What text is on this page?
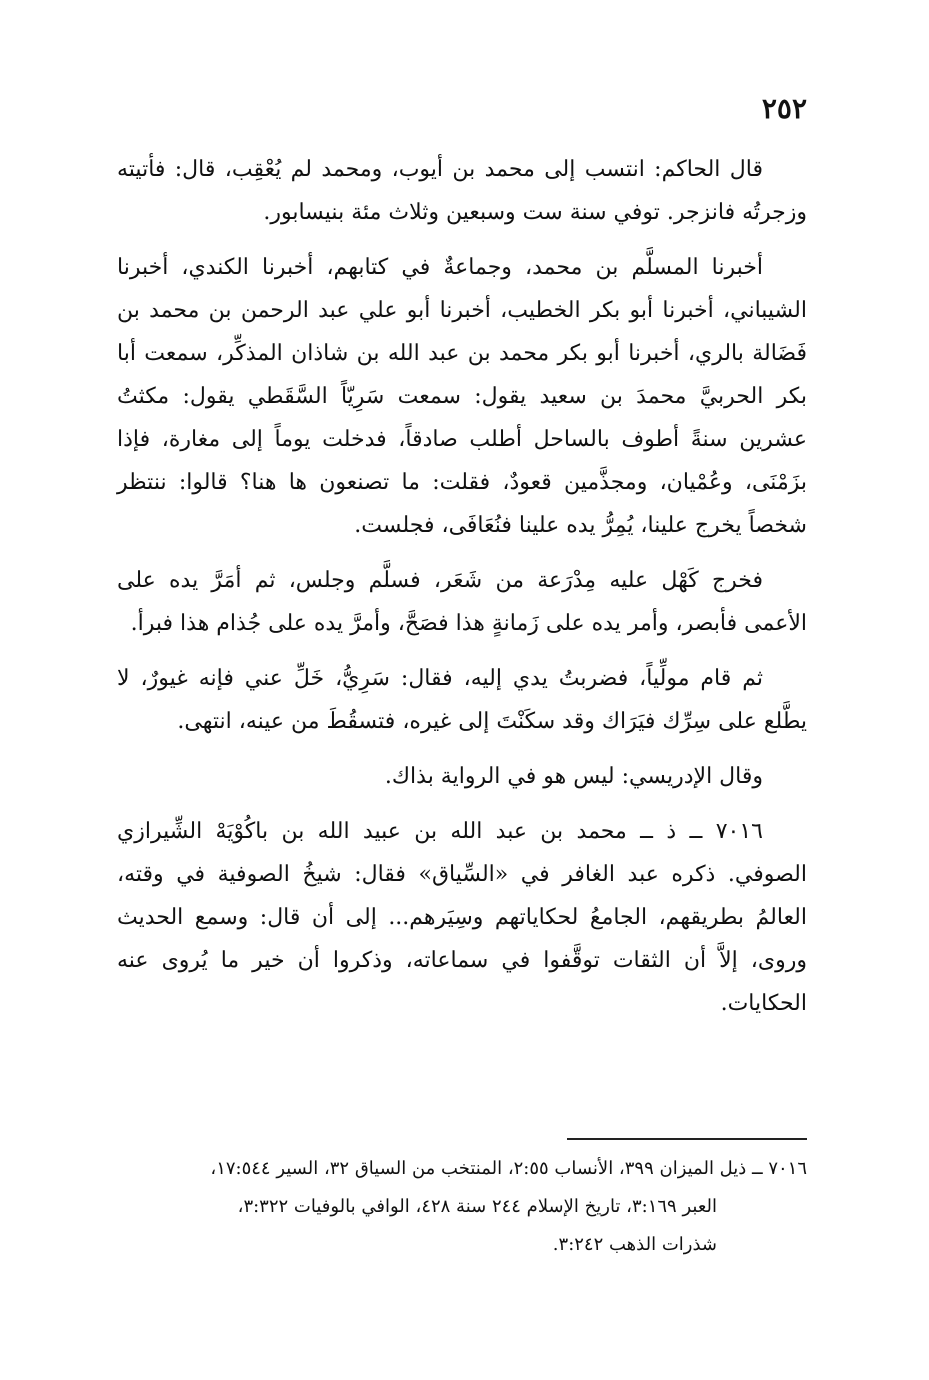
٢٥٢

قال الحاكم: انتسب إلى محمد بن أيوب، ومحمد لم يُعْقِب، قال: فأتيته وزجرتُه فانزجر. توفي سنة ست وسبعين وثلاث مئة بنيسابور.

أخبرنا المسلَّم بن محمد، وجماعةٌ في كتابهم، أخبرنا الكندي، أخبرنا الشيباني، أخبرنا أبو بكر الخطيب، أخبرنا أبو علي عبد الرحمن بن محمد بن فَضَالة بالري، أخبرنا أبو بكر محمد بن عبد الله بن شاذان المذكِّر، سمعت أبا بكر الحربيَّ محمدَ بن سعيد يقول: سمعت سَرِيّاً السَّقَطي يقول: مكثتُ عشرين سنةً أطوف بالساحل أطلب صادقاً، فدخلت يوماً إلى مغارة، فإذا بزَمْنَى، وعُمْيان، ومجذَّمين قعودٌ، فقلت: ما تصنعون ها هنا؟ قالوا: ننتظر شخصاً يخرج علينا، يُمِرُّ يده علينا فنُعَافَى، فجلست.

فخرج كَهْل عليه مِدْرَعة من شَعَر، فسلَّم وجلس، ثم أمَرَّ يده على الأعمى فأبصر، وأمر يده على زَمانةٍ هذا فصَحَّ، وأمرَّ يده على جُذام هذا فبرأ.

ثم قام مولِّياً، فضربتُ يدي إليه، فقال: سَرِيُّ، خَلِّ عني فإنه غيورٌ، لا يطَّلع على سِرِّك فيَرَاك وقد سكَنْتَ إلى غيره، فتسقُطَ من عينه، انتهى.

وقال الإدريسي: ليس هو في الرواية بذاك.

٧٠١٦ ــ ذ ــ محمد بن عبد الله بن عبيد الله بن باكُوْيَهْ الشِّيرازي الصوفي. ذكره عبد الغافر في «السِّياق» فقال: شيخُ الصوفية في وقته، العالمُ بطريقهم، الجامعُ لحكاياتهم وسِيَرهم... إلى أن قال: وسمع الحديث وروى، إلاَّ أن الثقات توقَّفوا في سماعاته، وذكروا أن خير ما يُروى عنه الحكايات.

٧٠١٦ ــ ذيل الميزان ٣٩٩، الأنساب ٢:٥٥، المنتخب من السياق ٣٢، السير ١٧:٥٤٤،

العبر ٣:١٦٩، تاريخ الإسلام ٢٤٤ سنة ٤٢٨، الوافي بالوفيات ٣:٣٢٢،

شذرات الذهب ٣:٢٤٢.
